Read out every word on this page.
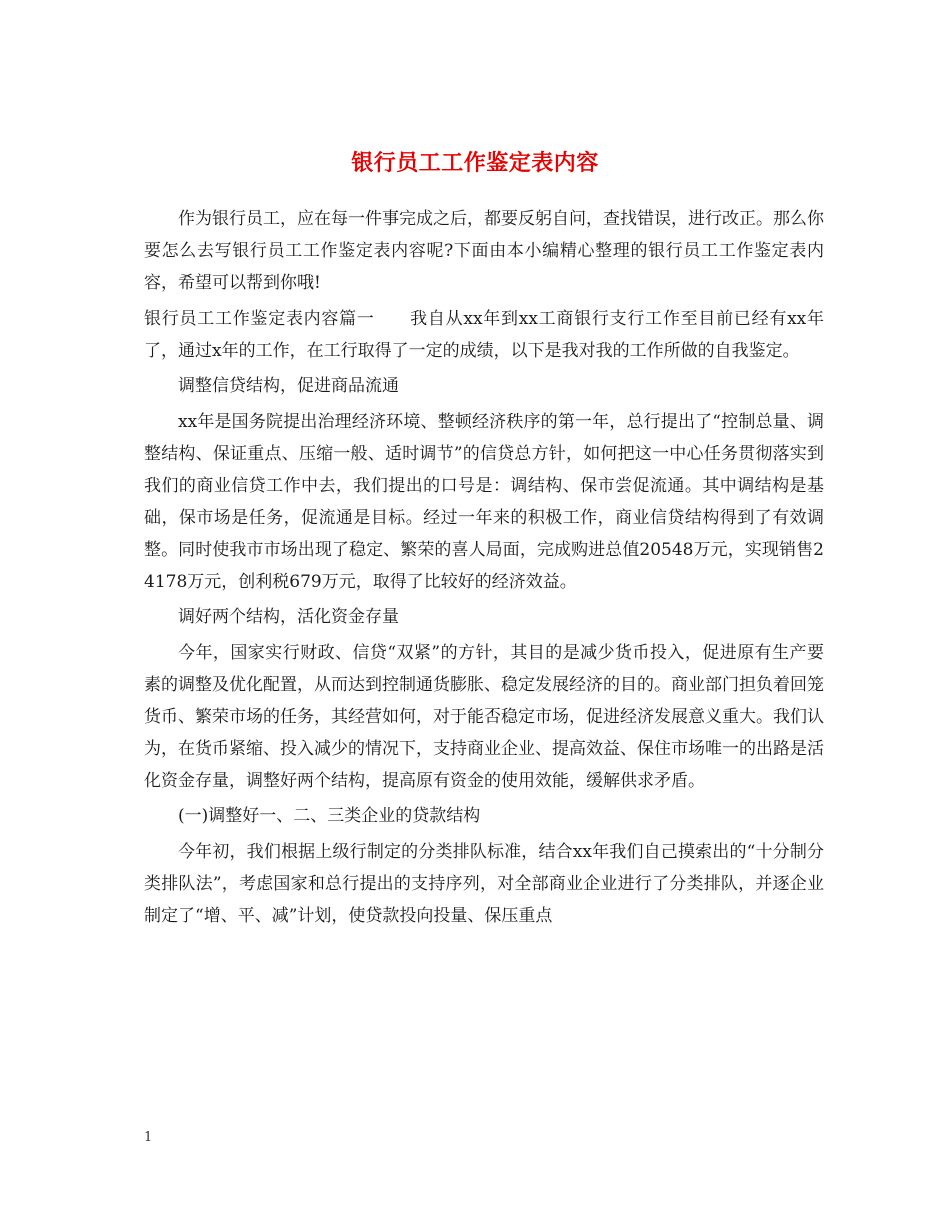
银行员工工作鉴定表内容

作为银行员工，应在每一件事完成之后，都要反躬自问，查找错误，进行改正。那么你要怎么去写银行员工工作鉴定表内容呢?下面由本小编精心整理的银行员工工作鉴定表内容，希望可以帮到你哦!

银行员工工作鉴定表内容篇一　　我自从xx年到xx工商银行支行工作至目前已经有xx年了，通过x年的工作，在工行取得了一定的成绩，以下是我对我的工作所做的自我鉴定。

调整信贷结构，促进商品流通

xx年是国务院提出治理经济环境、整顿经济秩序的第一年，总行提出了“控制总量、调整结构、保证重点、压缩一般、适时调节”的信贷总方针，如何把这一中心任务贯彻落实到我们的商业信贷工作中去，我们提出的口号是：调结构、保市尝促流通。其中调结构是基础，保市场是任务，促流通是目标。经过一年来的积极工作，商业信贷结构得到了有效调整。同时使我市市场出现了稳定、繁荣的喜人局面，完成购进总值20548万元，实现销售24178万元，创利税679万元，取得了比较好的经济效益。

调好两个结构，活化资金存量

今年，国家实行财政、信贷“双紧”的方针，其目的是减少货币投入，促进原有生产要素的调整及优化配置，从而达到控制通货膨胀、稳定发展经济的目的。商业部门担负着回笼货币、繁荣市场的任务，其经营如何，对于能否稳定市场，促进经济发展意义重大。我们认为，在货币紧缩、投入减少的情况下，支持商业企业、提高效益、保住市场唯一的出路是活化资金存量，调整好两个结构，提高原有资金的使用效能，缓解供求矛盾。

(一)调整好一、二、三类企业的贷款结构

今年初，我们根据上级行制定的分类排队标准，结合xx年我们自己摸索出的“十分制分类排队法”，考虑国家和总行提出的支持序列，对全部商业企业进行了分类排队，并逐企业制定了“增、平、减”计划，使贷款投向投量、保压重点

1
